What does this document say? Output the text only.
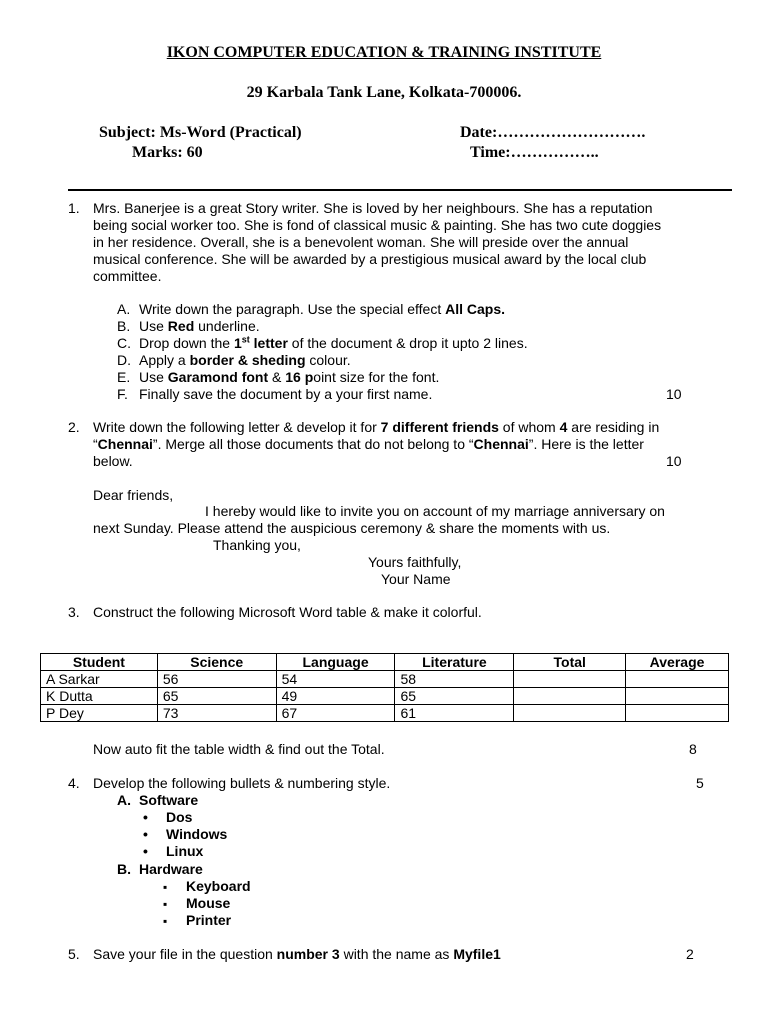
IKON COMPUTER EDUCATION & TRAINING INSTITUTE
29 Karbala Tank Lane, Kolkata-700006.
Subject: Ms-Word (Practical)
Marks: 60
Date:……………………….
Time:……………..
1. Mrs. Banerjee is a great Story writer. She is loved by her neighbours. She has a reputation
being social worker too. She is fond of classical music & painting. She has two cute doggies
in her residence. Overall, she is a benevolent woman. She will preside over the annual
musical conference. She will be awarded by a prestigious musical award by the local club
committee.
A. Write down the paragraph. Use the special effect All Caps.
B. Use Red underline.
C. Drop down the 1st letter of the document & drop it upto 2 lines.
D. Apply a border & sheding colour.
E. Use Garamond font & 16 point size for the font.
F. Finally save the document by a your first name.	10
2. Write down the following letter & develop it for 7 different friends of whom 4 are residing in
“Chennai”. Merge all those documents that do not belong to “Chennai”. Here is the letter
below.	10
Dear friends,
I hereby would like to invite you on account of my marriage anniversary on
next Sunday. Please attend the auspicious ceremony & share the moments with us.
Thanking you,
Yours faithfully,
Your Name
3. Construct the following Microsoft Word table & make it colorful.
Student	Science	Language	Literature	Total	Average
A Sarkar	56	54	58		
K Dutta	65	49	65		
P Dey	73	67	61		
Now auto fit the table width & find out the Total.	8
4. Develop the following bullets & numbering style.	5
A. Software
• Dos
• Windows
• Linux
B. Hardware
▪ Keyboard
▪ Mouse
▪ Printer
5. Save your file in the question number 3 with the name as Myfile1	2
